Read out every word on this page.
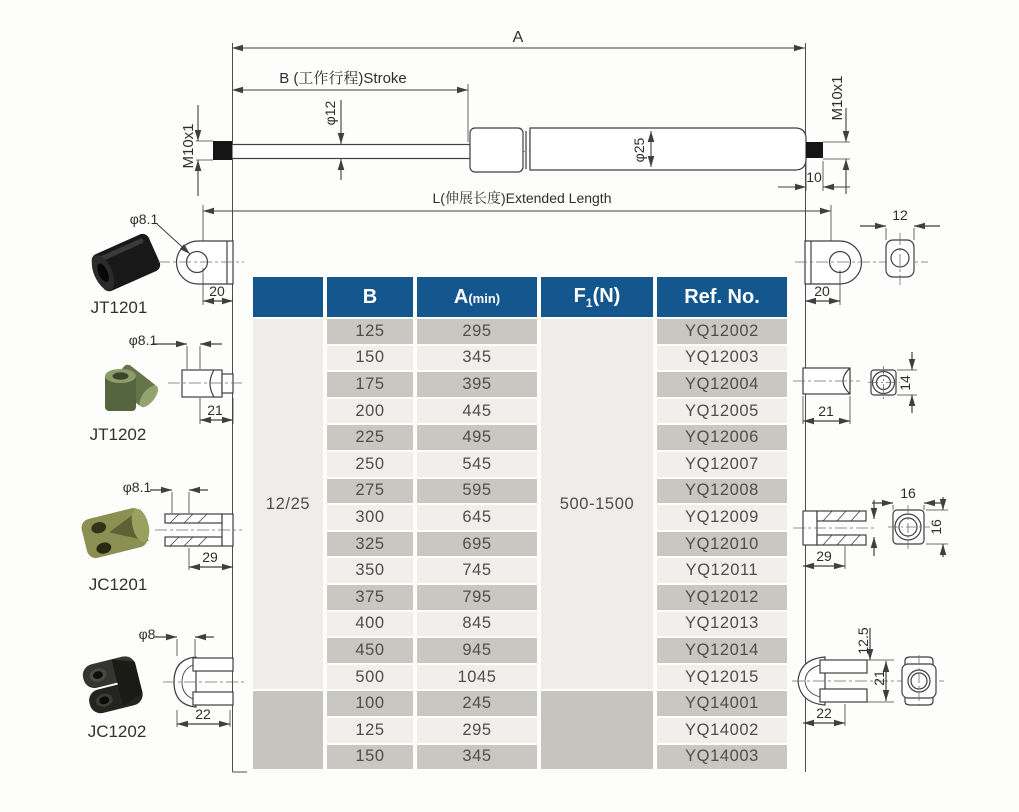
A
B (工作行程)Stroke
M10x1
φ12
φ25
M10x1
10
L(伸展长度)Extended Length
φ8.1
20
JT1201
φ8.1
21
JT1202
φ8.1
29
JC1201
φ8
22
JC1202
20
12
21
14
29
16
16
12.5
21
22
	B	A(min)	$F_1(N)$	Ref. No.
12/25	125	295	500-1500	YQ12002
	150	345		YQ12003
	175	395		YQ12004
	200	445		YQ12005
	225	495		YQ12006
	250	545		YQ12007
	275	595		YQ12008
	300	645		YQ12009
	325	695		YQ12010
	350	745		YQ12011
	375	795		YQ12012
	400	845		YQ12013
	450	945		YQ12014
	500	1045		YQ12015
	100	245		YQ14001
	125	295		YQ14002
	150	345		YQ14003
